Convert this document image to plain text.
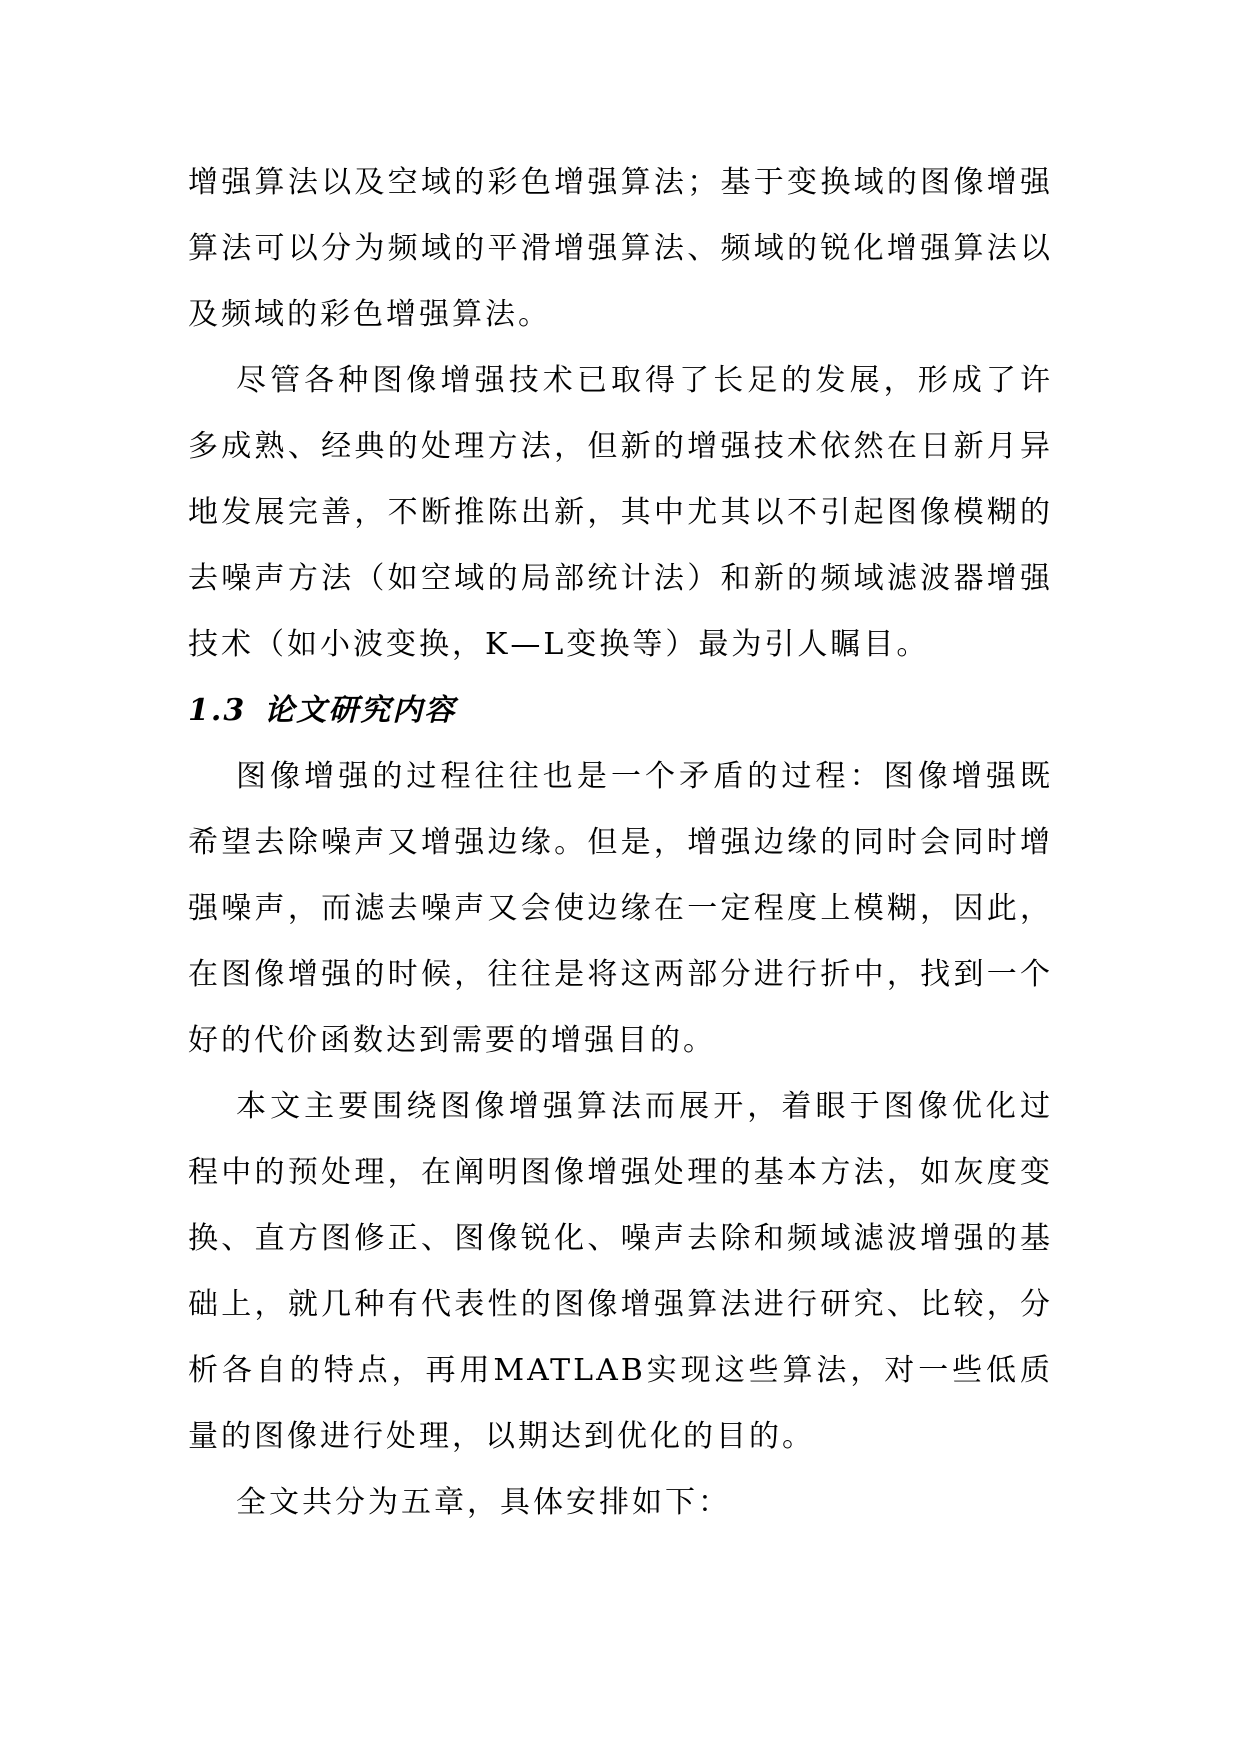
增强算法以及空域的彩色增强算法；基于变换域的图像增强算法可以分为频域的平滑增强算法、频域的锐化增强算法以及频域的彩色增强算法。

尽管各种图像增强技术已取得了长足的发展，形成了许多成熟、经典的处理方法，但新的增强技术依然在日新月异地发展完善，不断推陈出新，其中尤其以不引起图像模糊的去噪声方法（如空域的局部统计法）和新的频域滤波器增强技术（如小波变换，K—L变换等）最为引人瞩目。

1.3 论文研究内容

图像增强的过程往往也是一个矛盾的过程：图像增强既希望去除噪声又增强边缘。但是，增强边缘的同时会同时增强噪声，而滤去噪声又会使边缘在一定程度上模糊，因此，在图像增强的时候，往往是将这两部分进行折中，找到一个好的代价函数达到需要的增强目的。

本文主要围绕图像增强算法而展开，着眼于图像优化过程中的预处理，在阐明图像增强处理的基本方法，如灰度变换、直方图修正、图像锐化、噪声去除和频域滤波增强的基础上，就几种有代表性的图像增强算法进行研究、比较，分析各自的特点，再用MATLAB实现这些算法，对一些低质量的图像进行处理，以期达到优化的目的。

全文共分为五章，具体安排如下：
